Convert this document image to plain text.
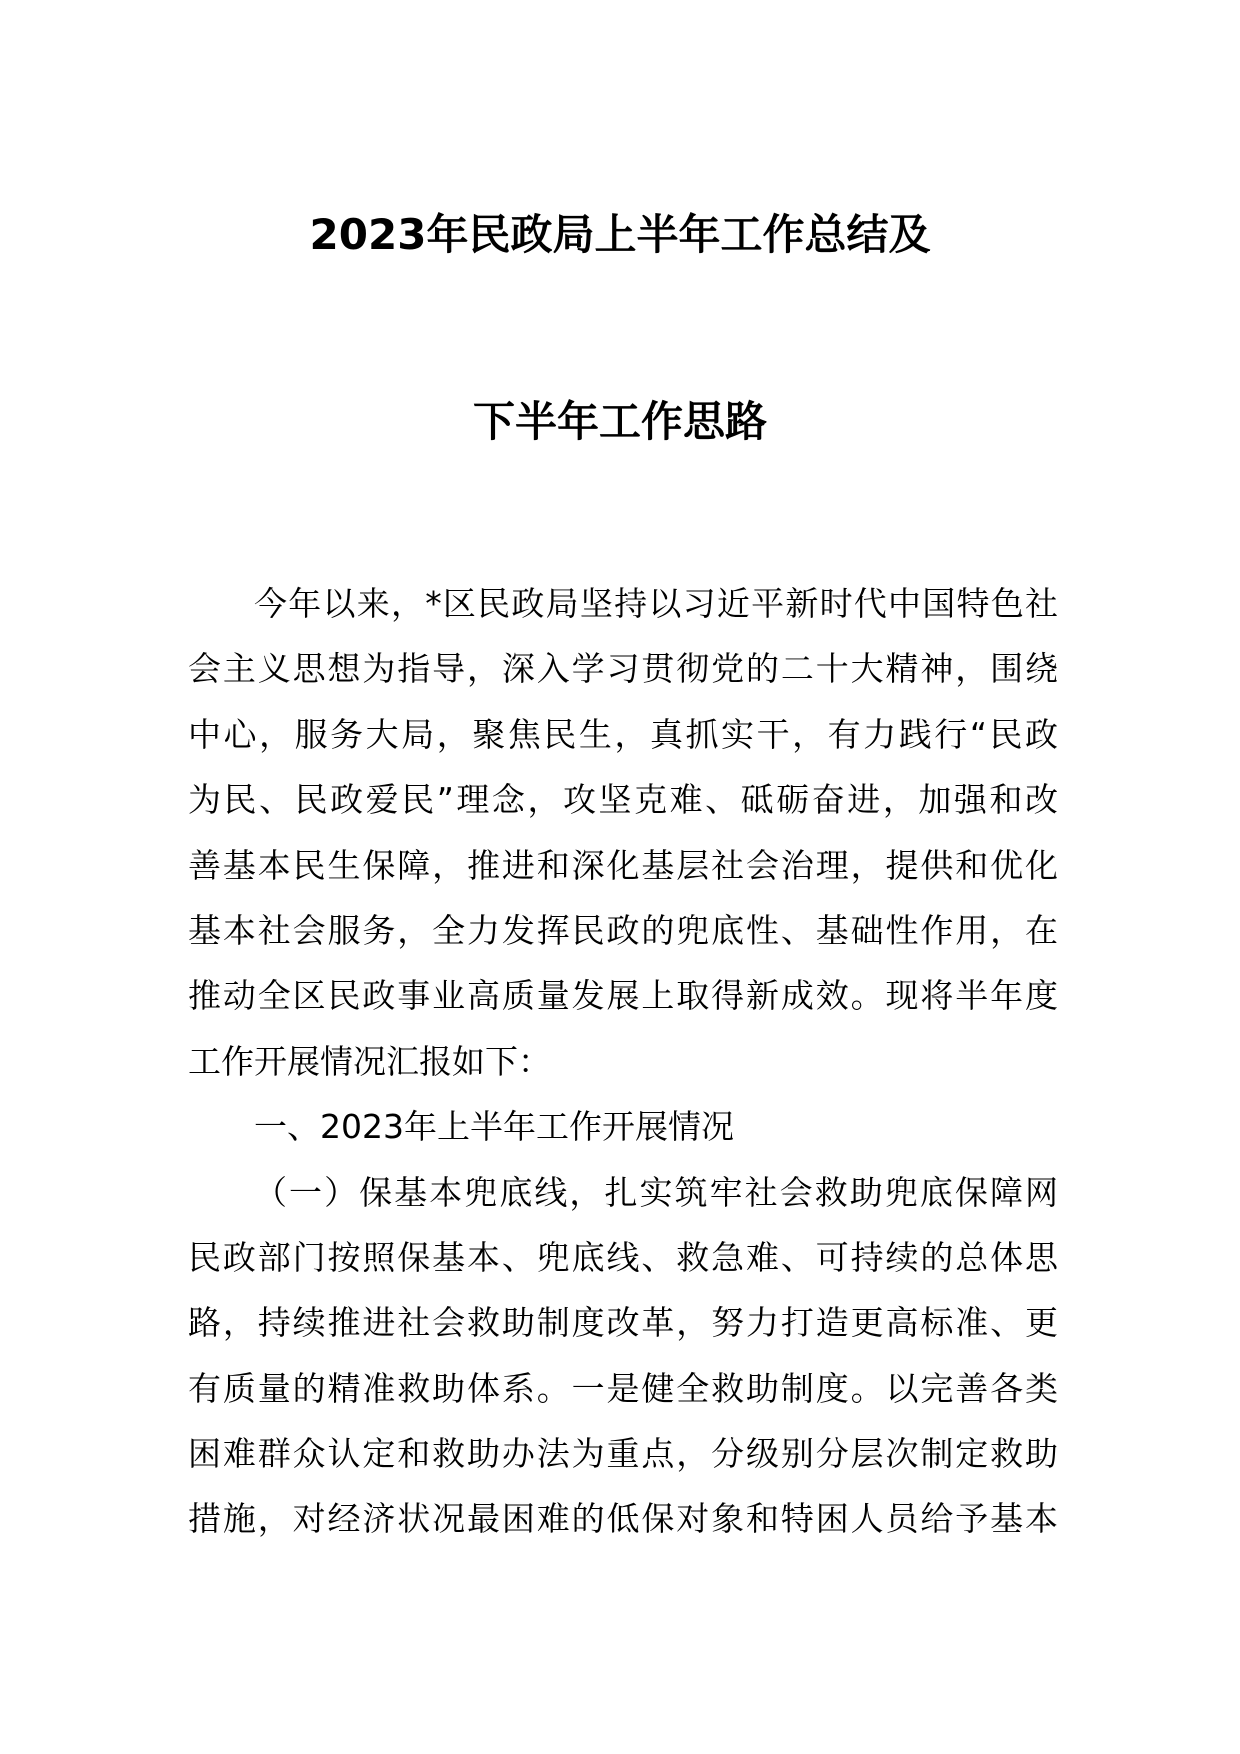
2023年民政局上半年工作总结及
下半年工作思路
今年以来，*区民政局坚持以习近平新时代中国特色社
会主义思想为指导，深入学习贯彻党的二十大精神，围绕
中心，服务大局，聚焦民生，真抓实干，有力践行“民政
为民、民政爱民”理念，攻坚克难、砥砺奋进，加强和改
善基本民生保障，推进和深化基层社会治理，提供和优化
基本社会服务，全力发挥民政的兜底性、基础性作用，在
推动全区民政事业高质量发展上取得新成效。现将半年度
工作开展情况汇报如下：
一、2023年上半年工作开展情况
（一）保基本兜底线，扎实筑牢社会救助兜底保障网
民政部门按照保基本、兜底线、救急难、可持续的总体思
路，持续推进社会救助制度改革，努力打造更高标准、更
有质量的精准救助体系。一是健全救助制度。以完善各类
困难群众认定和救助办法为重点，分级别分层次制定救助
措施，对经济状况最困难的低保对象和特困人员给予基本
